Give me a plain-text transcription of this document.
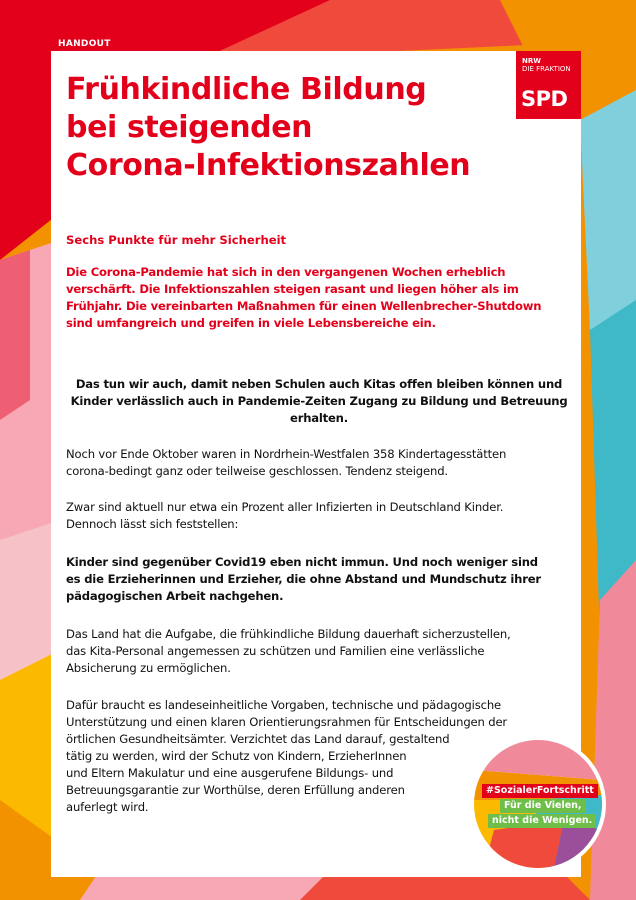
HANDOUT
Frühkindliche Bildung
bei steigenden
Corona-Infektionszahlen
NRW
DIE FRAKTION
SPD
Sechs Punkte für mehr Sicherheit
Die Corona-Pandemie hat sich in den vergangenen Wochen erheblich
verschärft. Die Infektionszahlen steigen rasant und liegen höher als im
Frühjahr. Die vereinbarten Maßnahmen für einen Wellenbrecher-Shutdown
sind umfangreich und greifen in viele Lebensbereiche ein.
Das tun wir auch, damit neben Schulen auch Kitas offen bleiben können und
Kinder verlässlich auch in Pandemie-Zeiten Zugang zu Bildung und Betreuung
erhalten.
Noch vor Ende Oktober waren in Nordrhein-Westfalen 358 Kindertagesstätten
corona-bedingt ganz oder teilweise geschlossen. Tendenz steigend.
Zwar sind aktuell nur etwa ein Prozent aller Infizierten in Deutschland Kinder.
Dennoch lässt sich feststellen:
Kinder sind gegenüber Covid19 eben nicht immun. Und noch weniger sind
es die Erzieherinnen und Erzieher, die ohne Abstand und Mundschutz ihrer
pädagogischen Arbeit nachgehen.
Das Land hat die Aufgabe, die frühkindliche Bildung dauerhaft sicherzustellen,
das Kita-Personal angemessen zu schützen und Familien eine verlässliche
Absicherung zu ermöglichen.
Dafür braucht es landeseinheitliche Vorgaben, technische und pädagogische
Unterstützung und einen klaren Orientierungsrahmen für Entscheidungen der
örtlichen Gesundheitsämter. Verzichtet das Land darauf, gestaltend
tätig zu werden, wird der Schutz von Kindern, ErzieherInnen
und Eltern Makulatur und eine ausgerufene Bildungs- und
Betreuungsgarantie zur Worthülse, deren Erfüllung anderen
auferlegt wird.
#SozialerFortschritt
Für die Vielen,
nicht die Wenigen.
